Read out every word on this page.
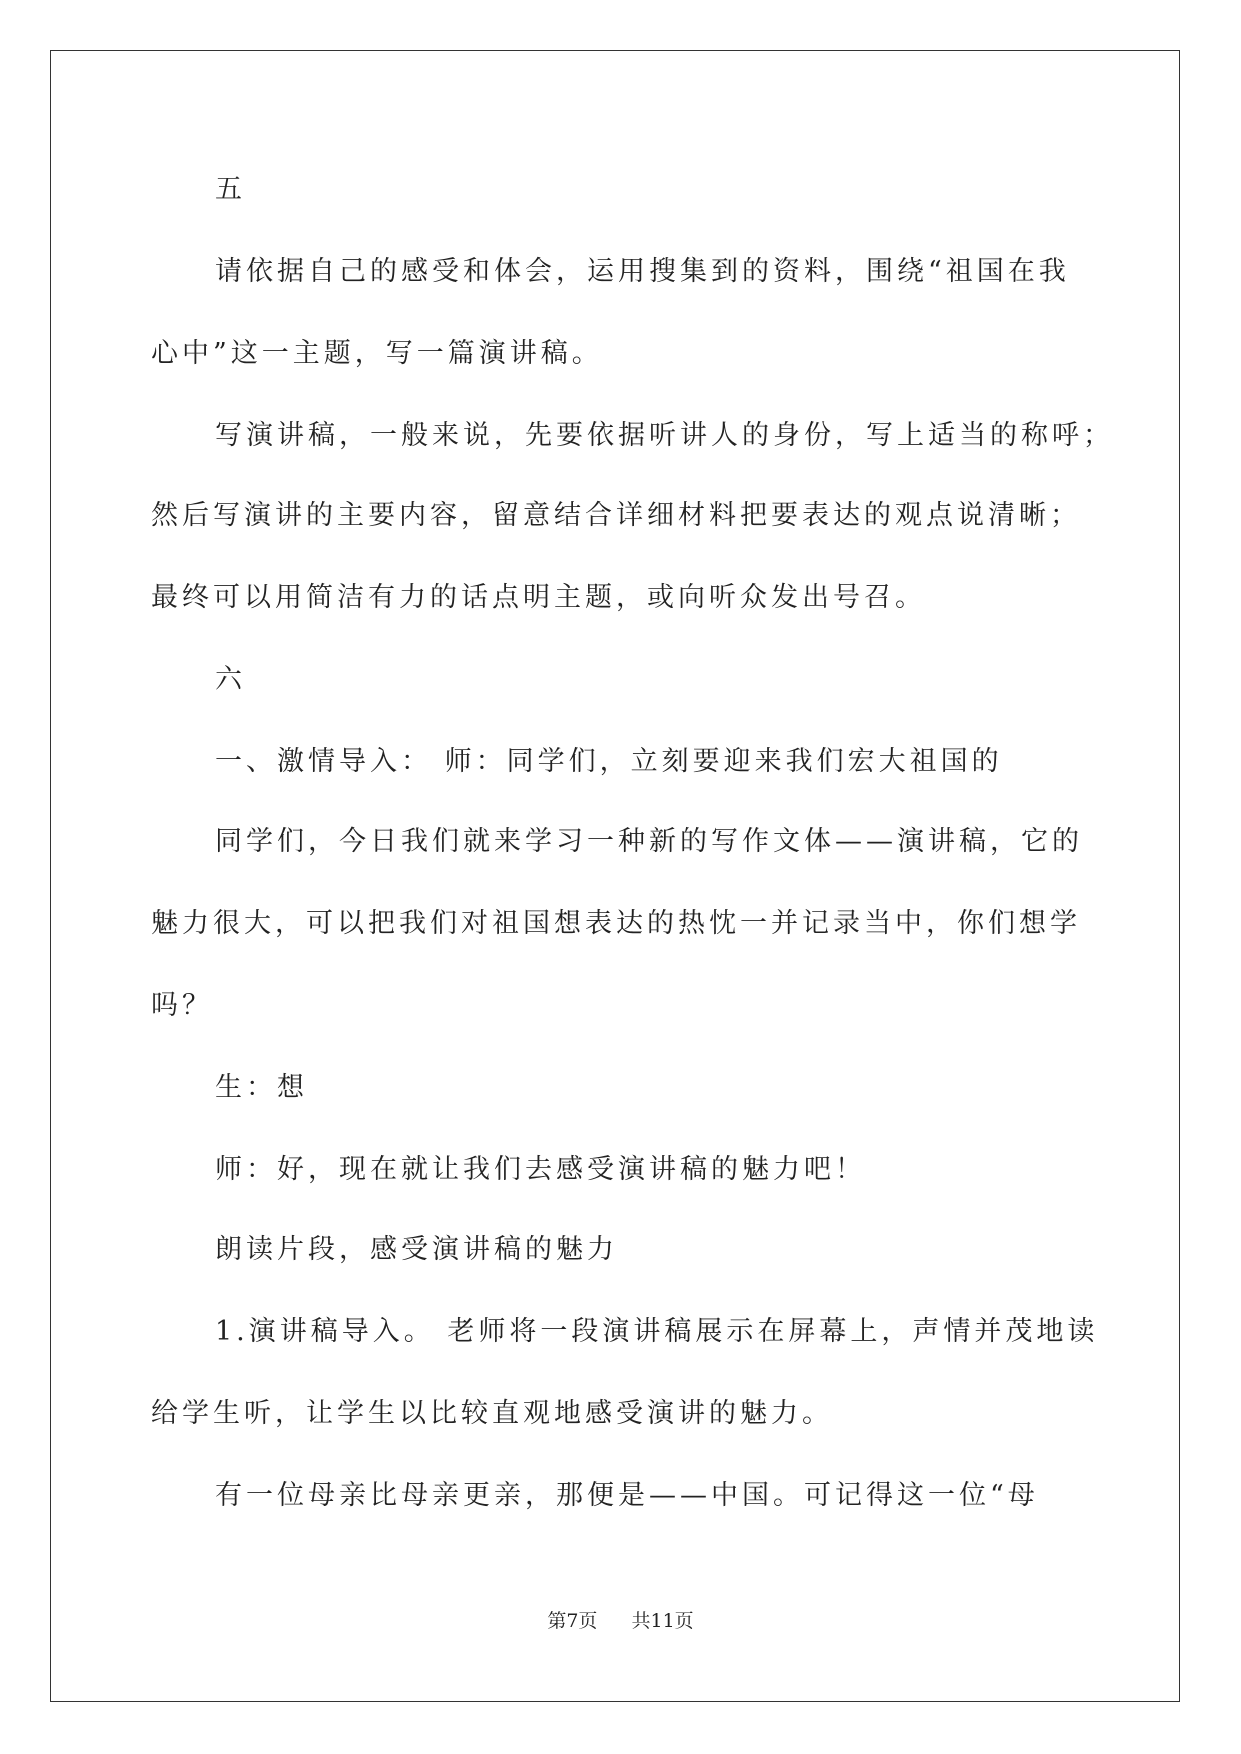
五
请依据自己的感受和体会，运用搜集到的资料，围绕“祖国在我
心中”这一主题，写一篇演讲稿。
写演讲稿，一般来说，先要依据听讲人的身份，写上适当的称呼；
然后写演讲的主要内容，留意结合详细材料把要表达的观点说清晰；
最终可以用简洁有力的话点明主题，或向听众发出号召。
六
一、激情导入： 师：同学们，立刻要迎来我们宏大祖国的
同学们，今日我们就来学习一种新的写作文体——演讲稿，它的
魅力很大，可以把我们对祖国想表达的热忱一并记录当中，你们想学
吗？
生：想
师：好，现在就让我们去感受演讲稿的魅力吧！
朗读片段，感受演讲稿的魅力
1.演讲稿导入。 老师将一段演讲稿展示在屏幕上，声情并茂地读
给学生听，让学生以比较直观地感受演讲的魅力。
有一位母亲比母亲更亲，那便是——中国。可记得这一位“母
第7页 共11页
